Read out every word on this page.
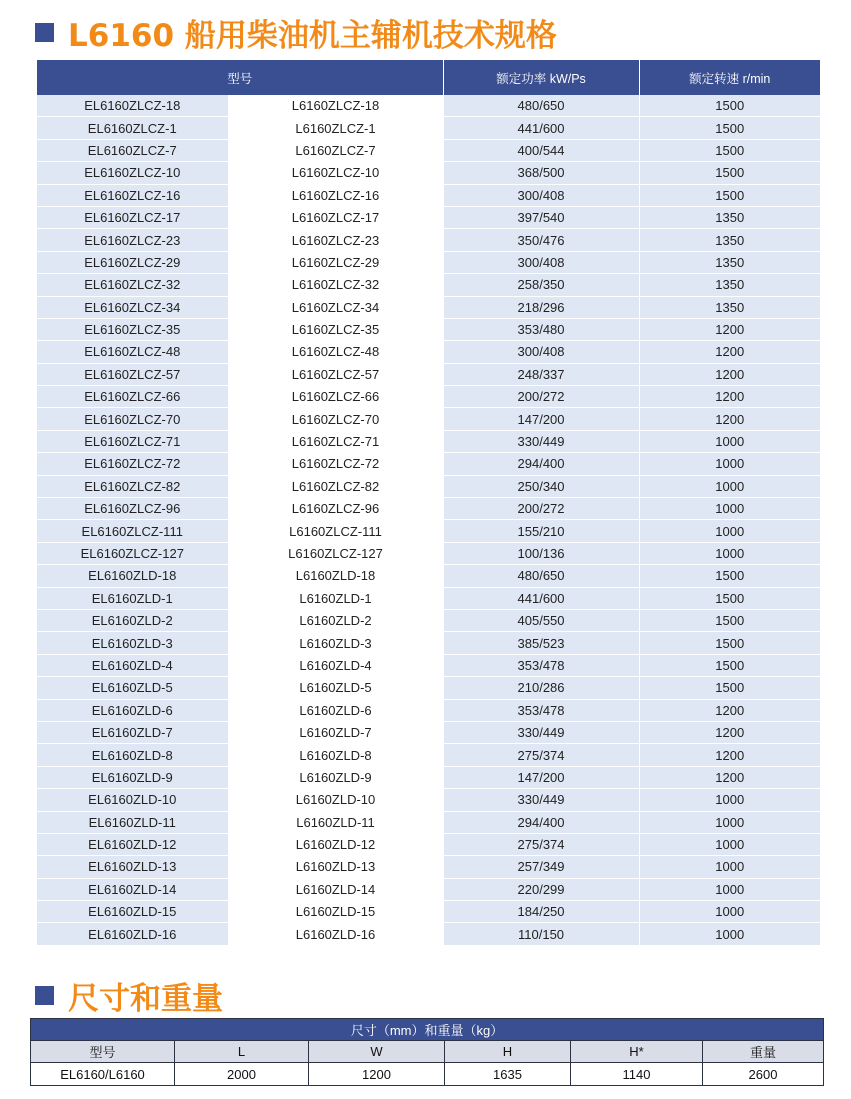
L6160 船用柴油机主辅机技术规格
型号		额定功率 kW/Ps	额定转速 r/min
EL6160ZLCZ-18	L6160ZLCZ-18	480/650	1500
EL6160ZLCZ-1	L6160ZLCZ-1	441/600	1500
EL6160ZLCZ-7	L6160ZLCZ-7	400/544	1500
EL6160ZLCZ-10	L6160ZLCZ-10	368/500	1500
EL6160ZLCZ-16	L6160ZLCZ-16	300/408	1500
EL6160ZLCZ-17	L6160ZLCZ-17	397/540	1350
EL6160ZLCZ-23	L6160ZLCZ-23	350/476	1350
EL6160ZLCZ-29	L6160ZLCZ-29	300/408	1350
EL6160ZLCZ-32	L6160ZLCZ-32	258/350	1350
EL6160ZLCZ-34	L6160ZLCZ-34	218/296	1350
EL6160ZLCZ-35	L6160ZLCZ-35	353/480	1200
EL6160ZLCZ-48	L6160ZLCZ-48	300/408	1200
EL6160ZLCZ-57	L6160ZLCZ-57	248/337	1200
EL6160ZLCZ-66	L6160ZLCZ-66	200/272	1200
EL6160ZLCZ-70	L6160ZLCZ-70	147/200	1200
EL6160ZLCZ-71	L6160ZLCZ-71	330/449	1000
EL6160ZLCZ-72	L6160ZLCZ-72	294/400	1000
EL6160ZLCZ-82	L6160ZLCZ-82	250/340	1000
EL6160ZLCZ-96	L6160ZLCZ-96	200/272	1000
EL6160ZLCZ-111	L6160ZLCZ-111	155/210	1000
EL6160ZLCZ-127	L6160ZLCZ-127	100/136	1000
EL6160ZLD-18	L6160ZLD-18	480/650	1500
EL6160ZLD-1	L6160ZLD-1	441/600	1500
EL6160ZLD-2	L6160ZLD-2	405/550	1500
EL6160ZLD-3	L6160ZLD-3	385/523	1500
EL6160ZLD-4	L6160ZLD-4	353/478	1500
EL6160ZLD-5	L6160ZLD-5	210/286	1500
EL6160ZLD-6	L6160ZLD-6	353/478	1200
EL6160ZLD-7	L6160ZLD-7	330/449	1200
EL6160ZLD-8	L6160ZLD-8	275/374	1200
EL6160ZLD-9	L6160ZLD-9	147/200	1200
EL6160ZLD-10	L6160ZLD-10	330/449	1000
EL6160ZLD-11	L6160ZLD-11	294/400	1000
EL6160ZLD-12	L6160ZLD-12	275/374	1000
EL6160ZLD-13	L6160ZLD-13	257/349	1000
EL6160ZLD-14	L6160ZLD-14	220/299	1000
EL6160ZLD-15	L6160ZLD-15	184/250	1000
EL6160ZLD-16	L6160ZLD-16	110/150	1000
尺寸和重量
尺寸（mm）和重量（kg）					
型号	L	W	H	H*	重量
EL6160/L6160	2000	1200	1635	1140	2600
